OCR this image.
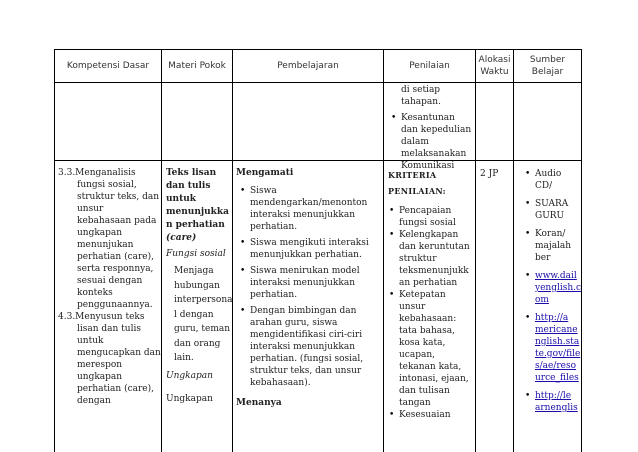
Kompetensi Dasar	Materi Pokok	Pembelajaran	Penilaian
Alokasi
Waktu
Sumber
Belajar
di setiap
tahapan.
• Kesantunan
dan kepedulian
dalam
melaksanakan
Komunikasi
3.3.Menganalisis
fungsi sosial,
struktur teks, dan
unsur
kebahasaan pada
ungkapan
menunjukan
perhatian (care),
serta responnya,
sesuai dengan
konteks
penggunaannya.
4.3.Menyusun teks
lisan dan tulis
untuk
mengucapkan dan
merespon
ungkapan
perhatian (care),
dengan
Teks lisan
dan tulis
untuk
menunjukka
n perhatian
(care)
Fungsi sosial
Menjaga
hubungan
interpersona
l dengan
guru, teman
dan orang
lain.
Ungkapan
Ungkapan
Mengamati
• Siswa
mendengarkan/menonton
interaksi menunjukkan
perhatian.
• Siswa mengikuti interaksi
menunjukkan perhatian.
• Siswa menirukan model
interaksi menunjukkan
perhatian.
• Dengan bimbingan dan
arahan guru, siswa
mengidentifikasi ciri-ciri
interaksi menunjukkan
perhatian. (fungsi sosial,
struktur teks, dan unsur
kebahasaan).
Menanya
KRITERIA
PENILAIAN:
• Pencapaian
fungsi sosial
• Kelengkapan
dan keruntutan
struktur
teksmenunjukk
an perhatian
• Ketepatan
unsur
kebahasaan:
tata bahasa,
kosa kata,
ucapan,
tekanan kata,
intonasi, ejaan,
dan tulisan
tangan
• Kesesuaian
2 JP
•	Audio
CD/
• SUARA
GURU
• Koran/
majalah
ber
• www.dail
yenglish.c
om
• http://a
mericane
nglish.sta
te.gov/file
s/ae/reso
urce_files
• http://le
arnenglis
